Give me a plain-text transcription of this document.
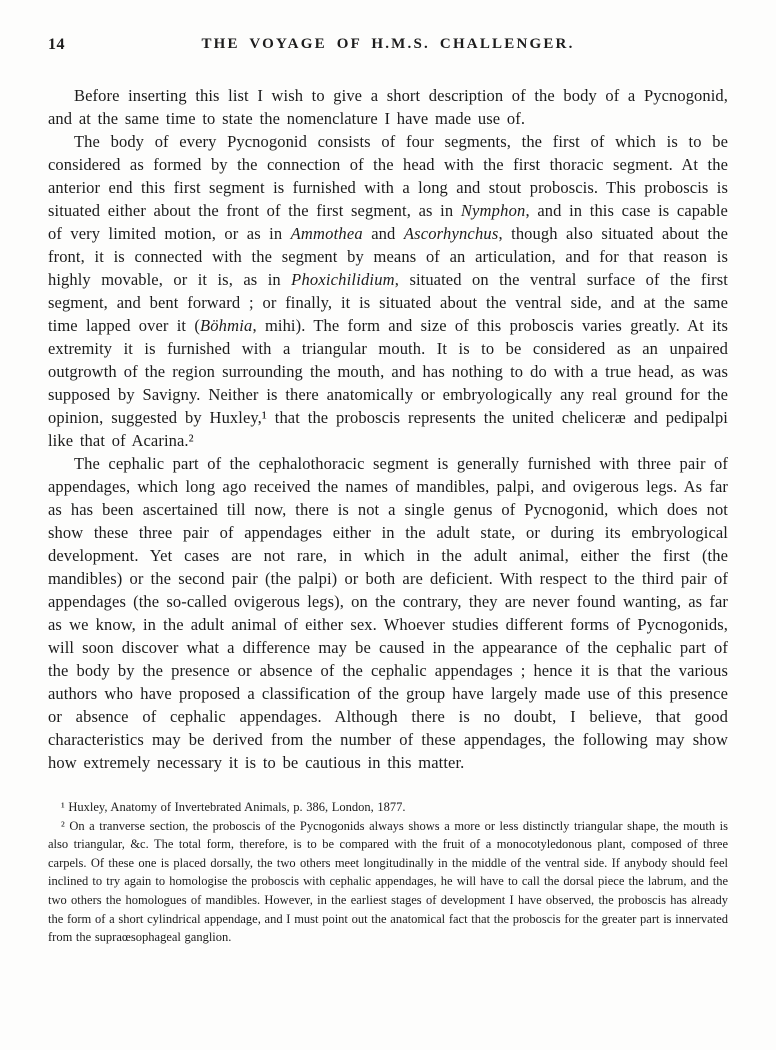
14	THE VOYAGE OF H.M.S. CHALLENGER.

Before inserting this list I wish to give a short description of the body of a Pycnogonid, and at the same time to state the nomenclature I have made use of.

The body of every Pycnogonid consists of four segments, the first of which is to be considered as formed by the connection of the head with the first thoracic segment. At the anterior end this first segment is furnished with a long and stout proboscis. This proboscis is situated either about the front of the first segment, as in Nymphon, and in this case is capable of very limited motion, or as in Ammothea and Ascorhynchus, though also situated about the front, it is connected with the segment by means of an articulation, and for that reason is highly movable, or it is, as in Phoxichilidium, situated on the ventral surface of the first segment, and bent forward ; or finally, it is situated about the ventral side, and at the same time lapped over it (Böhmia, mihi). The form and size of this proboscis varies greatly. At its extremity it is furnished with a triangular mouth. It is to be considered as an unpaired outgrowth of the region surrounding the mouth, and has nothing to do with a true head, as was supposed by Savigny. Neither is there anatomically or embryologically any real ground for the opinion, suggested by Huxley,¹ that the proboscis represents the united cheliceræ and pedipalpi like that of Acarina.²

The cephalic part of the cephalothoracic segment is generally furnished with three pair of appendages, which long ago received the names of mandibles, palpi, and ovigerous legs. As far as has been ascertained till now, there is not a single genus of Pycnogonid, which does not show these three pair of appendages either in the adult state, or during its embryological development. Yet cases are not rare, in which in the adult animal, either the first (the mandibles) or the second pair (the palpi) or both are deficient. With respect to the third pair of appendages (the so-called ovigerous legs), on the contrary, they are never found wanting, as far as we know, in the adult animal of either sex. Whoever studies different forms of Pycnogonids, will soon discover what a difference may be caused in the appearance of the cephalic part of the body by the presence or absence of the cephalic appendages ; hence it is that the various authors who have proposed a classification of the group have largely made use of this presence or absence of cephalic appendages. Although there is no doubt, I believe, that good characteristics may be derived from the number of these appendages, the following may show how extremely necessary it is to be cautious in this matter.

¹ Huxley, Anatomy of Invertebrated Animals, p. 386, London, 1877.

² On a tranverse section, the proboscis of the Pycnogonids always shows a more or less distinctly triangular shape, the mouth is also triangular, &c. The total form, therefore, is to be compared with the fruit of a monocotyledonous plant, composed of three carpels. Of these one is placed dorsally, the two others meet longitudinally in the middle of the ventral side. If anybody should feel inclined to try again to homologise the proboscis with cephalic appendages, he will have to call the dorsal piece the labrum, and the two others the homologues of mandibles. However, in the earliest stages of development I have observed, the proboscis has already the form of a short cylindrical appendage, and I must point out the anatomical fact that the proboscis for the greater part is innervated from the supraœsophageal ganglion.
